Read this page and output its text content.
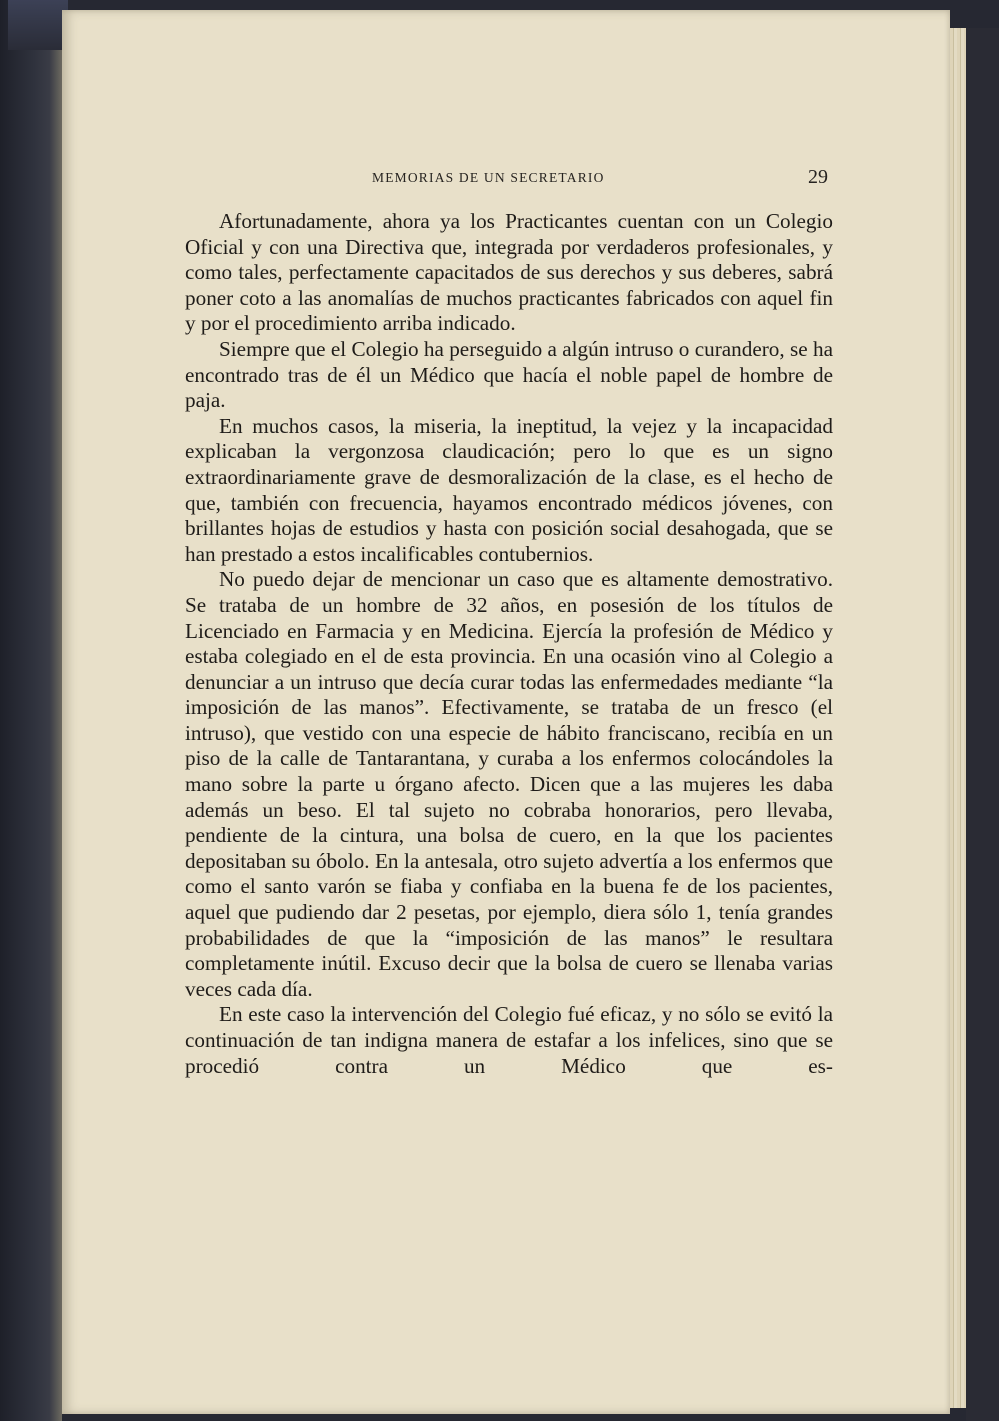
MEMORIAS DE UN SECRETARIO	29

Afortunadamente, ahora ya los Practicantes cuentan con un Colegio Oficial y con una Directiva que, integrada por verdaderos profesionales, y como tales, perfectamente capacitados de sus derechos y sus deberes, sabrá poner coto a las anomalías de muchos practicantes fabricados con aquel fin y por el procedimiento arriba indicado.

Siempre que el Colegio ha perseguido a algún intruso o curandero, se ha encontrado tras de él un Médico que hacía el noble papel de hombre de paja.

En muchos casos, la miseria, la ineptitud, la vejez y la incapacidad explicaban la vergonzosa claudicación; pero lo que es un signo extraordinariamente grave de desmoralización de la clase, es el hecho de que, también con frecuencia, hayamos encontrado médicos jóvenes, con brillantes hojas de estudios y hasta con posición social desahogada, que se han prestado a estos incalificables contubernios.

No puedo dejar de mencionar un caso que es altamente demostrativo. Se trataba de un hombre de 32 años, en posesión de los títulos de Licenciado en Farmacia y en Medicina. Ejercía la profesión de Médico y estaba colegiado en el de esta provincia. En una ocasión vino al Colegio a denunciar a un intruso que decía curar todas las enfermedades mediante “la imposición de las manos”. Efectivamente, se trataba de un fresco (el intruso), que vestido con una especie de hábito franciscano, recibía en un piso de la calle de Tantarantana, y curaba a los enfermos colocándoles la mano sobre la parte u órgano afecto. Dicen que a las mujeres les daba además un beso. El tal sujeto no cobraba honorarios, pero llevaba, pendiente de la cintura, una bolsa de cuero, en la que los pacientes depositaban su óbolo. En la antesala, otro sujeto advertía a los enfermos que como el santo varón se fiaba y confiaba en la buena fe de los pacientes, aquel que pudiendo dar 2 pesetas, por ejemplo, diera sólo 1, tenía grandes probabilidades de que la “imposición de las manos” le resultara completamente inútil. Excuso decir que la bolsa de cuero se llenaba varias veces cada día.

En este caso la intervención del Colegio fué eficaz, y no sólo se evitó la continuación de tan indigna manera de estafar a los infelices, sino que se procedió contra un Médico que es-
